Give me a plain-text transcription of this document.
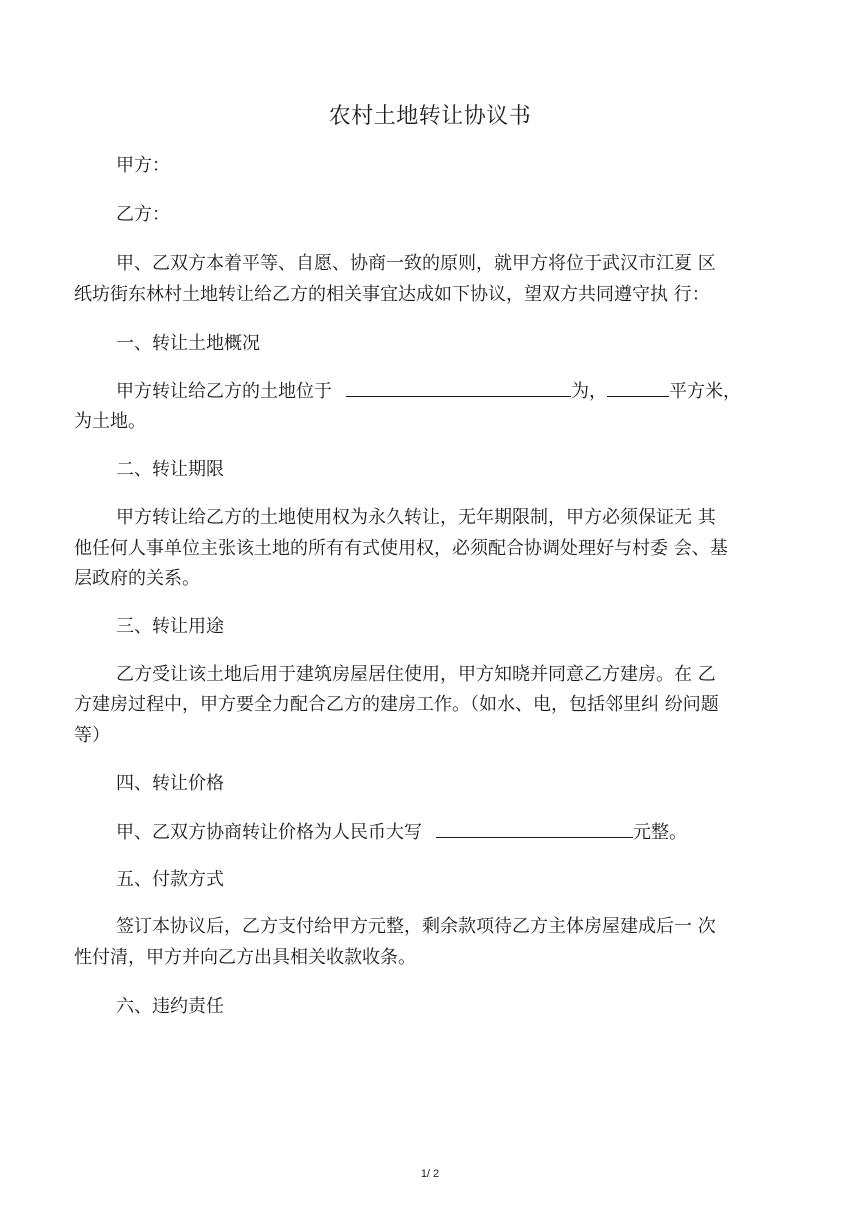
农村土地转让协议书
甲方：
乙方：
甲、乙双方本着平等、自愿、协商一致的原则，就甲方将位于武汉市江夏 区
纸坊街东林村土地转让给乙方的相关事宜达成如下协议，望双方共同遵守执 行：
一、转让土地概况
甲方转让给乙方的土地位于	为，	平方米，
为土地。
二、转让期限
甲方转让给乙方的土地使用权为永久转让，无年期限制，甲方必须保证无 其
他任何人事单位主张该土地的所有有式使用权，必须配合协调处理好与村委 会、基
层政府的关系。
三、转让用途
乙方受让该土地后用于建筑房屋居住使用，甲方知晓并同意乙方建房。在 乙
方建房过程中，甲方要全力配合乙方的建房工作。（如水、电，包括邻里纠 纷问题
等）
四、转让价格
甲、乙双方协商转让价格为人民币大写	元整。
五、付款方式
签订本协议后，乙方支付给甲方元整，剩余款项待乙方主体房屋建成后一 次
性付清，甲方并向乙方出具相关收款收条。
六、违约责任
1/ 2
